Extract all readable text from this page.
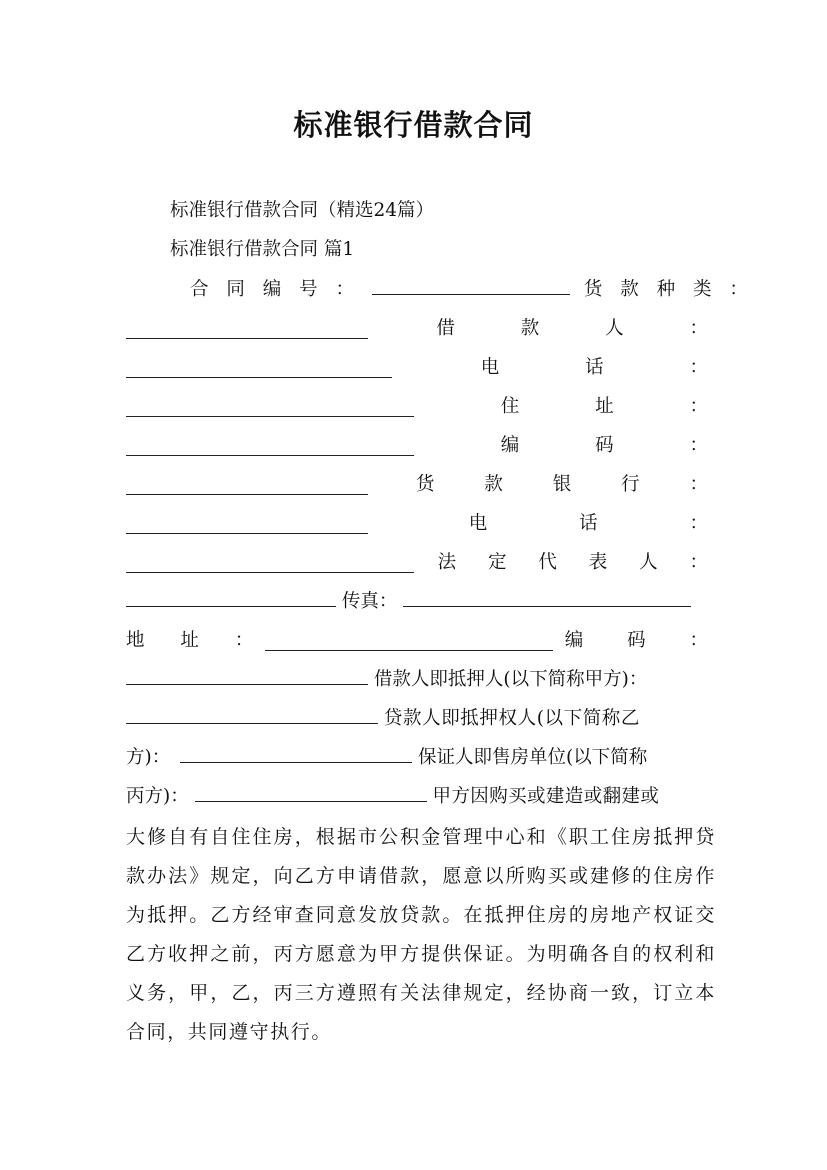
标准银行借款合同
标准银行借款合同（精选24篇）
标准银行借款合同 篇1
合 同 编 号 ：	货 款 种 类 ：
借 款 人 ：
电 话 ：
住 址 ：
编 码 ：
货 款 银 行 ：
电 话 ：
法 定 代 表 人 ：
传真：
地 址 ：	编 码 ：
借款人即抵押人(以下简称甲方)：
贷款人即抵押权人(以下简称乙
方)：	保证人即售房单位(以下简称
丙方)：	甲方因购买或建造或翻建或
大修自有自住住房，根据市公积金管理中心和《职工住房抵押贷款办法》规定，向乙方申请借款，愿意以所购买或建修的住房作为抵押。乙方经审查同意发放贷款。在抵押住房的房地产权证交乙方收押之前，丙方愿意为甲方提供保证。为明确各自的权利和义务，甲，乙，丙三方遵照有关法律规定，经协商一致，订立本合同，共同遵守执行。
